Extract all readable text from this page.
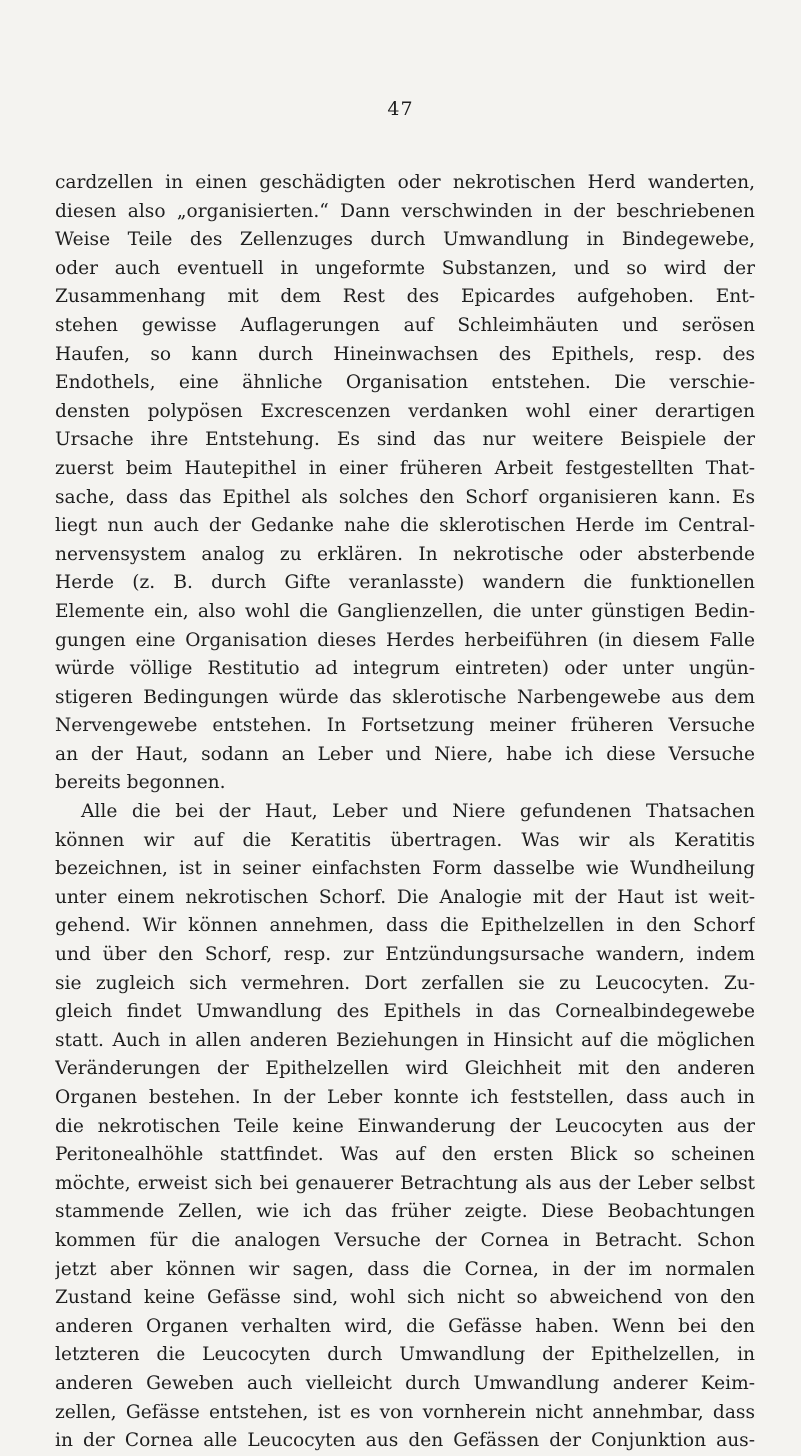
47
cardzellen in einen geschädigten oder nekrotischen Herd wanderten,
diesen also „organisierten.“ Dann verschwinden in der beschriebenen
Weise Teile des Zellenzuges durch Umwandlung in Bindegewebe,
oder auch eventuell in ungeformte Substanzen, und so wird der
Zusammenhang mit dem Rest des Epicardes aufgehoben. Ent-
stehen gewisse Auflagerungen auf Schleimhäuten und serösen
Haufen, so kann durch Hineinwachsen des Epithels, resp. des
Endothels, eine ähnliche Organisation entstehen. Die verschie-
densten polypösen Excrescenzen verdanken wohl einer derartigen
Ursache ihre Entstehung. Es sind das nur weitere Beispiele der
zuerst beim Hautepithel in einer früheren Arbeit festgestellten That-
sache, dass das Epithel als solches den Schorf organisieren kann. Es
liegt nun auch der Gedanke nahe die sklerotischen Herde im Central-
nervensystem analog zu erklären. In nekrotische oder absterbende
Herde (z. B. durch Gifte veranlasste) wandern die funktionellen
Elemente ein, also wohl die Ganglienzellen, die unter günstigen Bedin-
gungen eine Organisation dieses Herdes herbeiführen (in diesem Falle
würde völlige Restitutio ad integrum eintreten) oder unter ungün-
stigeren Bedingungen würde das sklerotische Narbengewebe aus dem
Nervengewebe entstehen. In Fortsetzung meiner früheren Versuche
an der Haut, sodann an Leber und Niere, habe ich diese Versuche
bereits begonnen.
Alle die bei der Haut, Leber und Niere gefundenen Thatsachen
können wir auf die Keratitis übertragen. Was wir als Keratitis
bezeichnen, ist in seiner einfachsten Form dasselbe wie Wundheilung
unter einem nekrotischen Schorf. Die Analogie mit der Haut ist weit-
gehend. Wir können annehmen, dass die Epithelzellen in den Schorf
und über den Schorf, resp. zur Entzündungsursache wandern, indem
sie zugleich sich vermehren. Dort zerfallen sie zu Leucocyten. Zu-
gleich findet Umwandlung des Epithels in das Cornealbindegewebe
statt. Auch in allen anderen Beziehungen in Hinsicht auf die möglichen
Veränderungen der Epithelzellen wird Gleichheit mit den anderen
Organen bestehen. In der Leber konnte ich feststellen, dass auch in
die nekrotischen Teile keine Einwanderung der Leucocyten aus der
Peritonealhöhle stattfindet. Was auf den ersten Blick so scheinen
möchte, erweist sich bei genauerer Betrachtung als aus der Leber selbst
stammende Zellen, wie ich das früher zeigte. Diese Beobachtungen
kommen für die analogen Versuche der Cornea in Betracht. Schon
jetzt aber können wir sagen, dass die Cornea, in der im normalen
Zustand keine Gefässe sind, wohl sich nicht so abweichend von den
anderen Organen verhalten wird, die Gefässe haben. Wenn bei den
letzteren die Leucocyten durch Umwandlung der Epithelzellen, in
anderen Geweben auch vielleicht durch Umwandlung anderer Keim-
zellen, Gefässe entstehen, ist es von vornherein nicht annehmbar, dass
in der Cornea alle Leucocyten aus den Gefässen der Conjunktion aus-
